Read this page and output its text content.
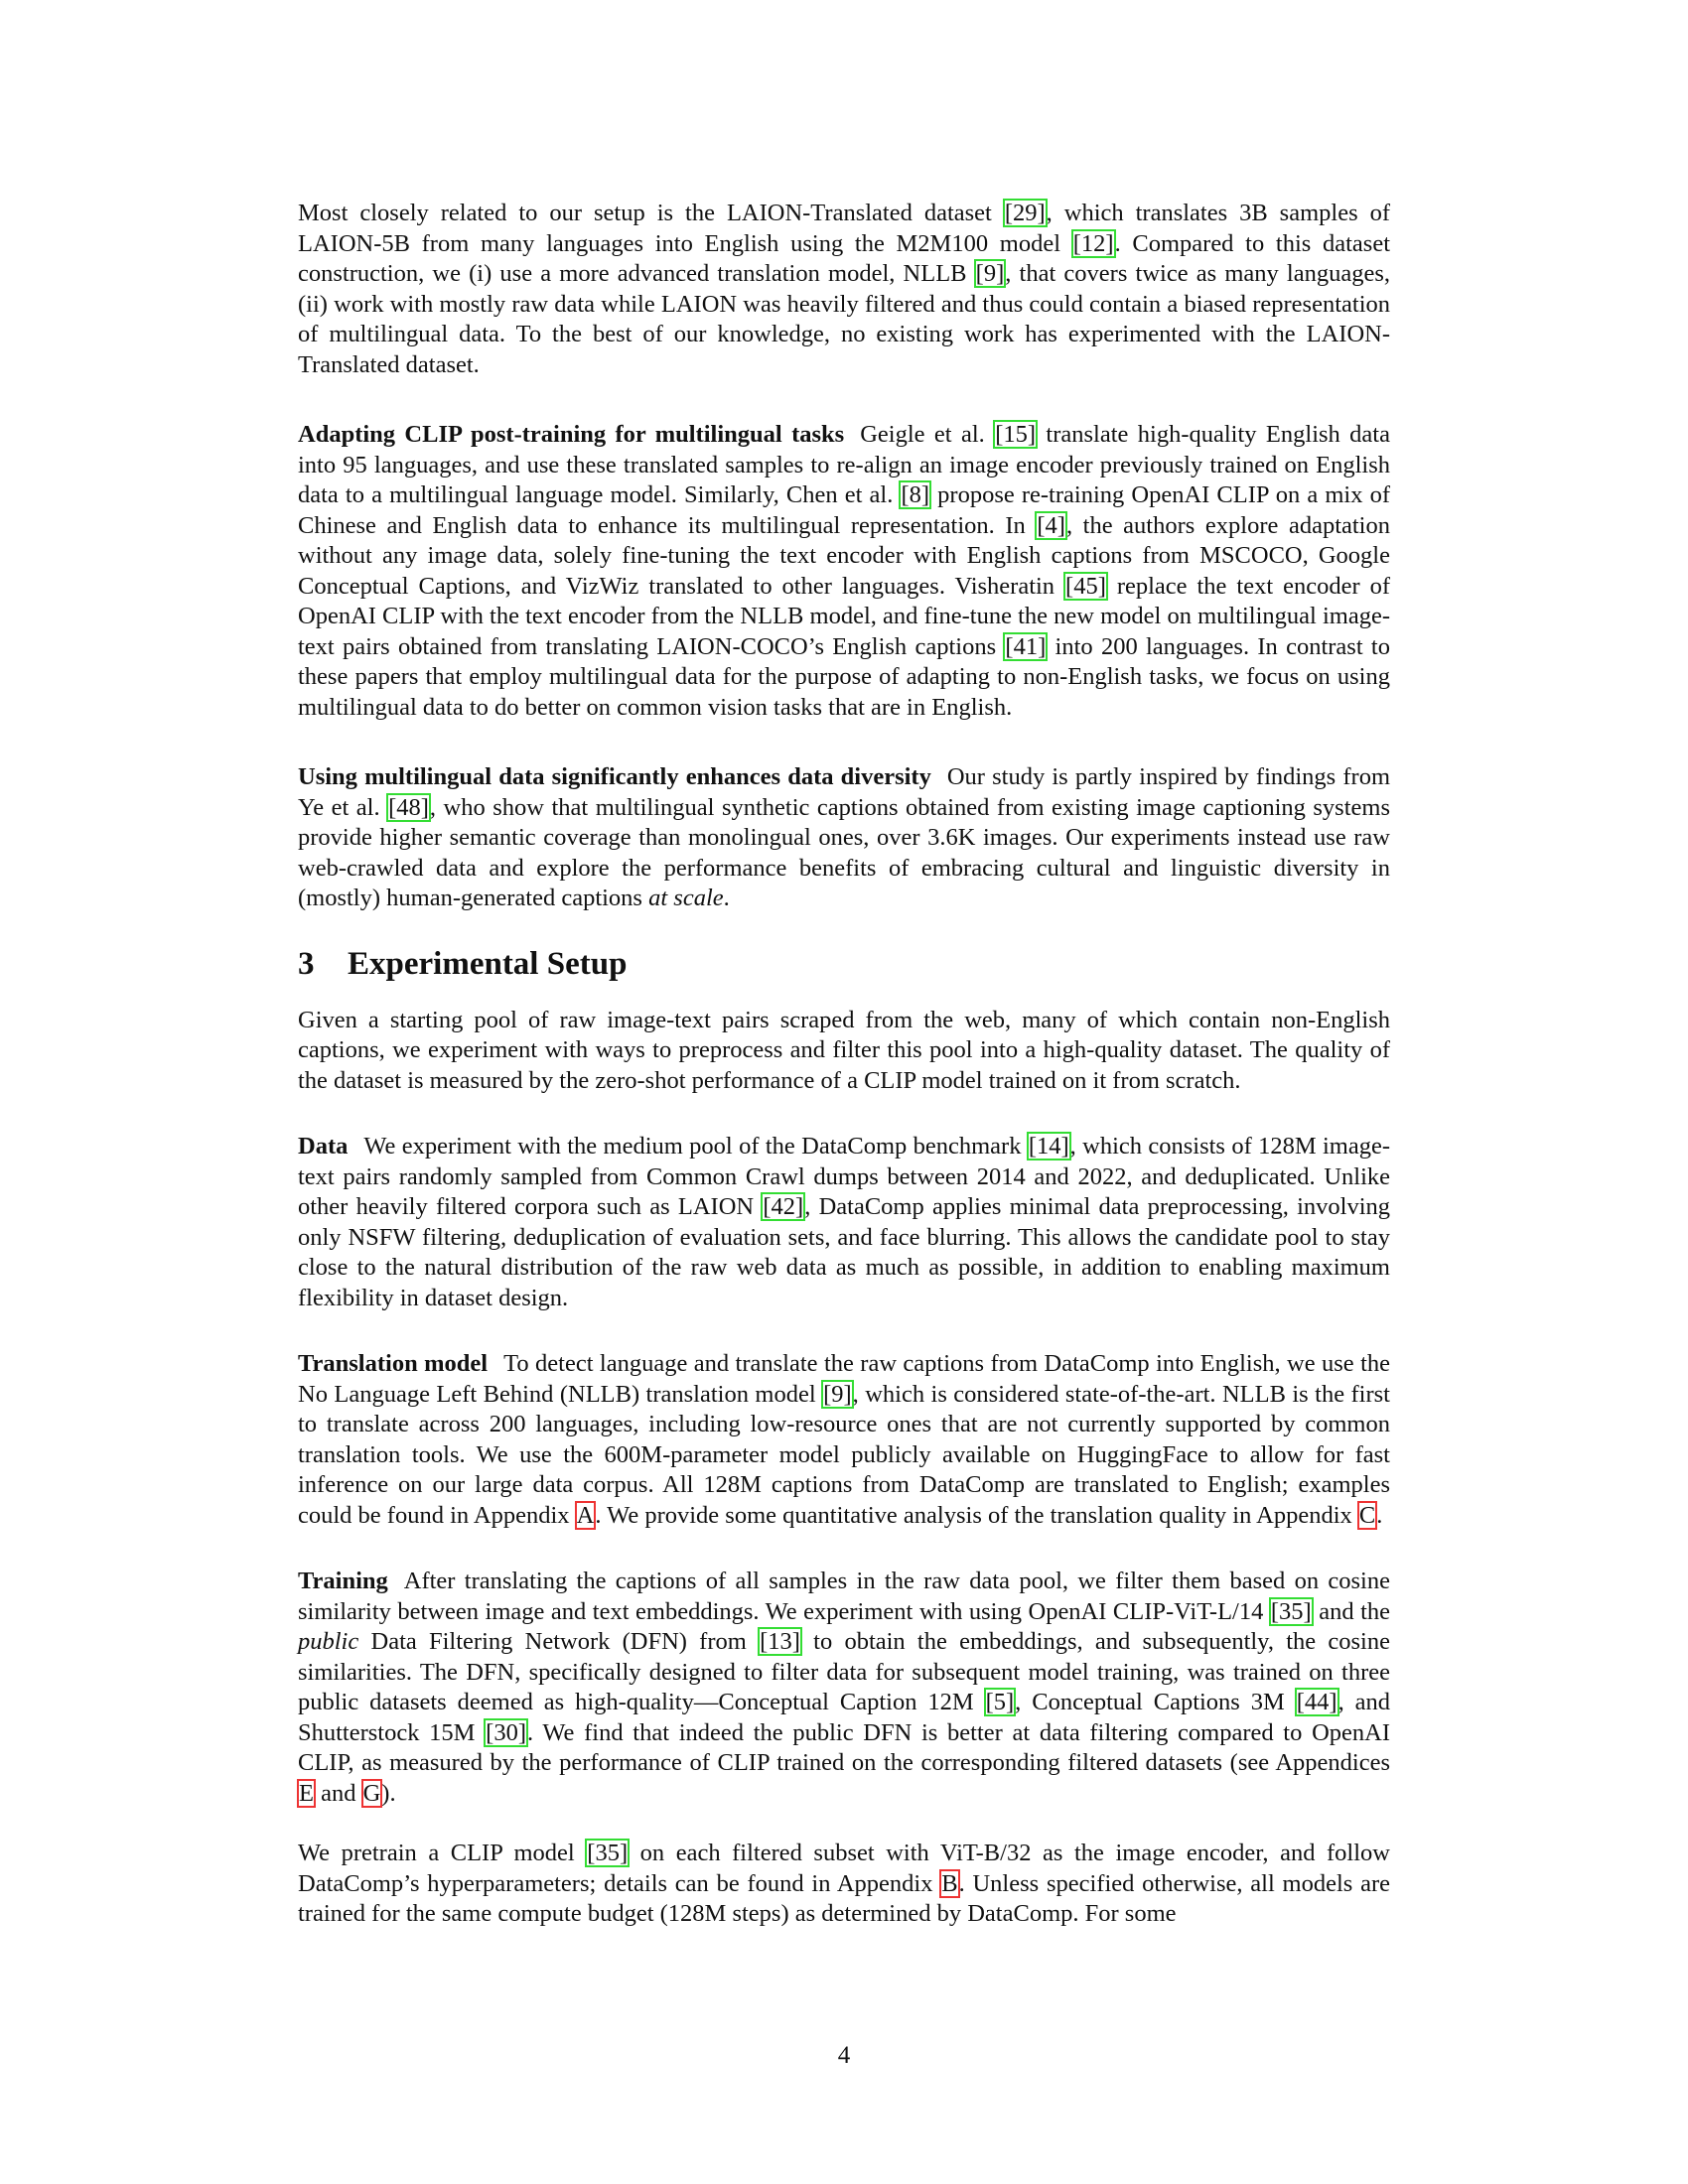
Most closely related to our setup is the LAION-Translated dataset [29], which translates 3B samples of LAION-5B from many languages into English using the M2M100 model [12]. Compared to this dataset construction, we (i) use a more advanced translation model, NLLB [9], that covers twice as many languages, (ii) work with mostly raw data while LAION was heavily filtered and thus could contain a biased representation of multilingual data. To the best of our knowledge, no existing work has experimented with the LAION-Translated dataset.

Adapting CLIP post-training for multilingual tasks Geigle et al. [15] translate high-quality English data into 95 languages, and use these translated samples to re-align an image encoder previously trained on English data to a multilingual language model. Similarly, Chen et al. [8] propose re-training OpenAI CLIP on a mix of Chinese and English data to enhance its multilingual representation. In [4], the authors explore adaptation without any image data, solely fine-tuning the text encoder with English captions from MSCOCO, Google Conceptual Captions, and VizWiz translated to other languages. Visheratin [45] replace the text encoder of OpenAI CLIP with the text encoder from the NLLB model, and fine-tune the new model on multilingual image-text pairs obtained from translating LAION-COCO’s English captions [41] into 200 languages. In contrast to these papers that employ multilingual data for the purpose of adapting to non-English tasks, we focus on using multilingual data to do better on common vision tasks that are in English.

Using multilingual data significantly enhances data diversity Our study is partly inspired by findings from Ye et al. [48], who show that multilingual synthetic captions obtained from existing image captioning systems provide higher semantic coverage than monolingual ones, over 3.6K images. Our experiments instead use raw web-crawled data and explore the performance benefits of embracing cultural and linguistic diversity in (mostly) human-generated captions at scale.

3 Experimental Setup

Given a starting pool of raw image-text pairs scraped from the web, many of which contain non-English captions, we experiment with ways to preprocess and filter this pool into a high-quality dataset. The quality of the dataset is measured by the zero-shot performance of a CLIP model trained on it from scratch.

Data We experiment with the medium pool of the DataComp benchmark [14], which consists of 128M image-text pairs randomly sampled from Common Crawl dumps between 2014 and 2022, and deduplicated. Unlike other heavily filtered corpora such as LAION [42], DataComp applies minimal data preprocessing, involving only NSFW filtering, deduplication of evaluation sets, and face blurring. This allows the candidate pool to stay close to the natural distribution of the raw web data as much as possible, in addition to enabling maximum flexibility in dataset design.

Translation model To detect language and translate the raw captions from DataComp into English, we use the No Language Left Behind (NLLB) translation model [9], which is considered state-of-the-art. NLLB is the first to translate across 200 languages, including low-resource ones that are not currently supported by common translation tools. We use the 600M-parameter model publicly available on HuggingFace to allow for fast inference on our large data corpus. All 128M captions from DataComp are translated to English; examples could be found in Appendix A. We provide some quantitative analysis of the translation quality in Appendix C.

Training After translating the captions of all samples in the raw data pool, we filter them based on cosine similarity between image and text embeddings. We experiment with using OpenAI CLIP-ViT-L/14 [35] and the public Data Filtering Network (DFN) from [13] to obtain the embeddings, and subsequently, the cosine similarities. The DFN, specifically designed to filter data for subsequent model training, was trained on three public datasets deemed as high-quality—Conceptual Caption 12M [5], Conceptual Captions 3M [44], and Shutterstock 15M [30]. We find that indeed the public DFN is better at data filtering compared to OpenAI CLIP, as measured by the performance of CLIP trained on the corresponding filtered datasets (see Appendices E and G).

We pretrain a CLIP model [35] on each filtered subset with ViT-B/32 as the image encoder, and follow DataComp’s hyperparameters; details can be found in Appendix B. Unless specified otherwise, all models are trained for the same compute budget (128M steps) as determined by DataComp. For some

4
